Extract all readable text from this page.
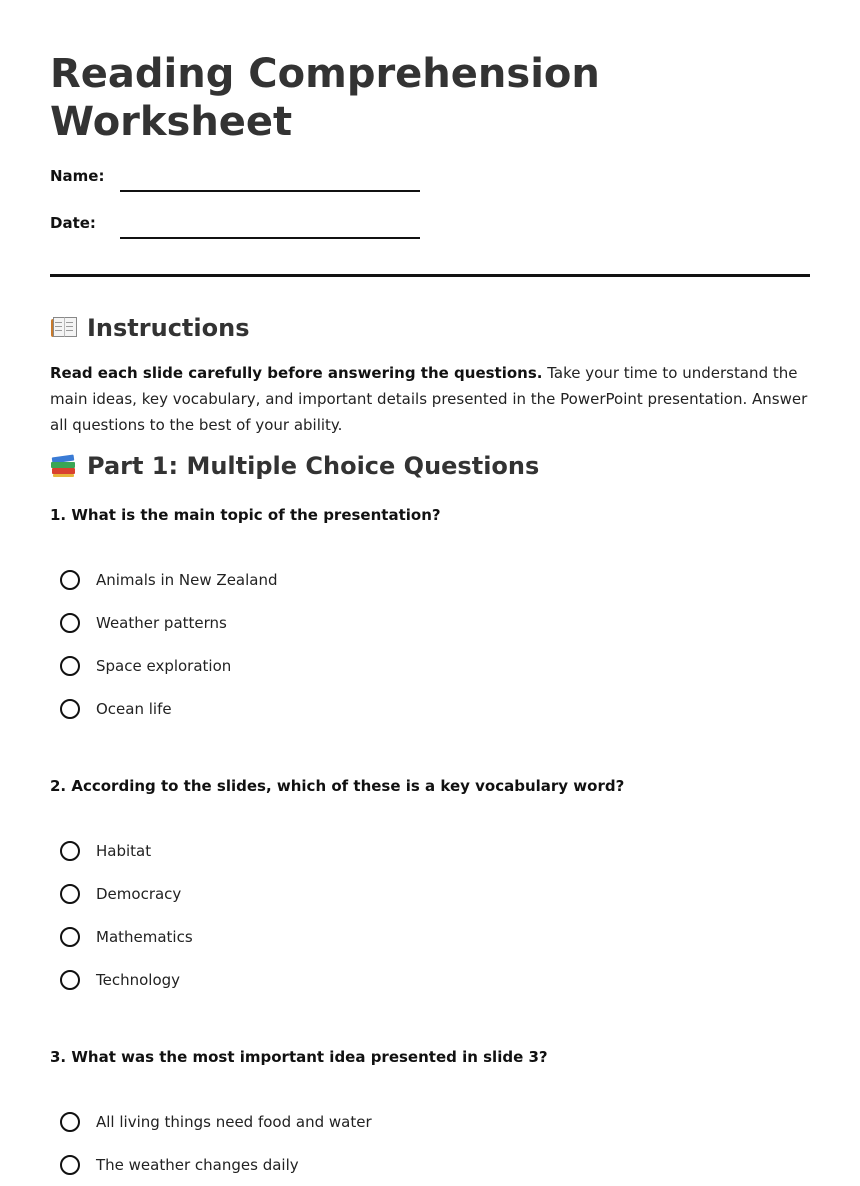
Reading Comprehension Worksheet
Name:
Date:
Instructions

Read each slide carefully before answering the questions. Take your time to understand the main ideas, key vocabulary, and important details presented in the PowerPoint presentation. Answer all questions to the best of your ability.

Part 1: Multiple Choice Questions
1. What is the main topic of the presentation?
Animals in New Zealand
Weather patterns
Space exploration
Ocean life
2. According to the slides, which of these is a key vocabulary word?
Habitat
Democracy
Mathematics
Technology
3. What was the most important idea presented in slide 3?
All living things need food and water
The weather changes daily
